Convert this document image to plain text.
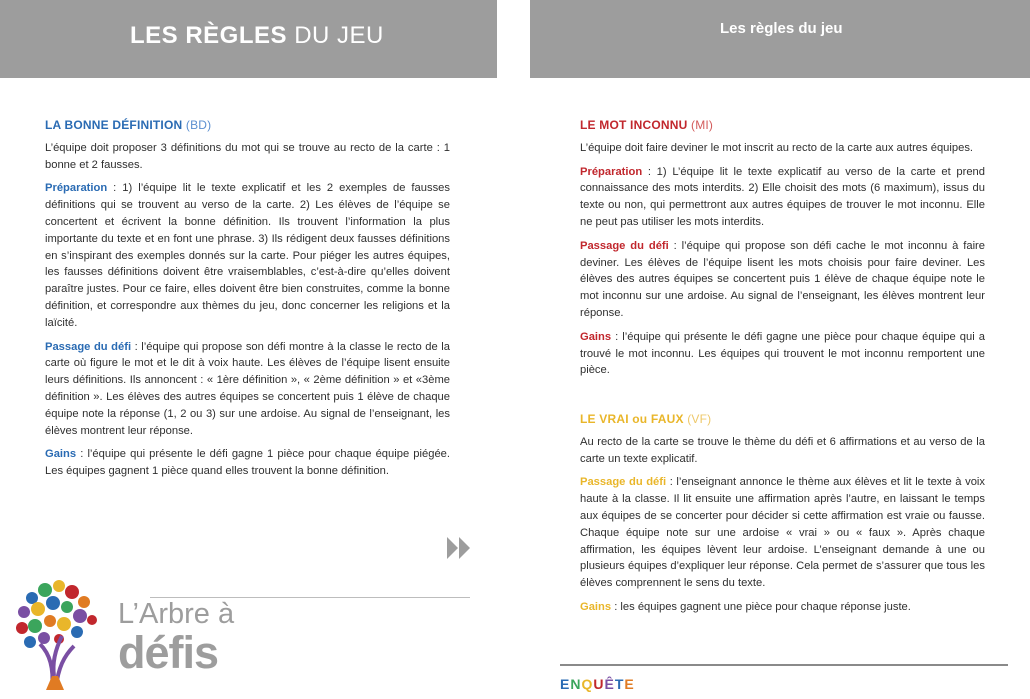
LES RÈGLES DU JEU
LA BONNE DÉFINITION (BD)

L’équipe doit proposer 3 définitions du mot qui se trouve au recto de la carte : 1 bonne et 2 fausses.

Préparation : 1) l’équipe lit le texte explicatif et les 2 exemples de fausses définitions qui se trouvent au verso de la carte. 2) Les élèves de l’équipe se concertent et écrivent la bonne définition. Ils trouvent l’information la plus importante du texte et en font une phrase. 3) Ils rédigent deux fausses définitions en s’inspirant des exemples donnés sur la carte. Pour piéger les autres équipes, les fausses définitions doivent être vraisemblables, c’est-à-dire qu’elles doivent paraître justes. Pour ce faire, elles doivent être bien construites, comme la bonne définition, et correspondre aux thèmes du jeu, donc concerner les religions et la laïcité.

Passage du défi : l’équipe qui propose son défi montre à la classe le recto de la carte où figure le mot et le dit à voix haute. Les élèves de l’équipe lisent ensuite leurs définitions. Ils annoncent : « 1ère définition », « 2ème définition » et «3ème définition ». Les élèves des autres équipes se concertent puis 1 élève de chaque équipe note la réponse (1, 2 ou 3) sur une ardoise. Au signal de l’enseignant, les élèves montrent leur réponse.

Gains : l’équipe qui présente le défi gagne 1 pièce pour chaque équipe piégée. Les équipes gagnent 1 pièce quand elles trouvent la bonne définition.

L’Arbre à
défis
Les règles du jeu
LE MOT INCONNU (MI)

L’équipe doit faire deviner le mot inscrit au recto de la carte aux autres équipes.

Préparation : 1) L’équipe lit le texte explicatif au verso de la carte et prend connaissance des mots interdits. 2) Elle choisit des mots (6 maximum), issus du texte ou non, qui permettront aux autres équipes de trouver le mot inconnu. Elle ne peut pas utiliser les mots interdits.

Passage du défi : l’équipe qui propose son défi cache le mot inconnu à faire deviner. Les élèves de l’équipe lisent les mots choisis pour faire deviner. Les élèves des autres équipes se concertent puis 1 élève de chaque équipe note le mot inconnu sur une ardoise. Au signal de l’enseignant, les élèves montrent leur réponse.

Gains : l’équipe qui présente le défi gagne une pièce pour chaque équipe qui a trouvé le mot inconnu. Les équipes qui trouvent le mot inconnu remportent une pièce.

LE VRAI ou FAUX (VF)

Au recto de la carte se trouve le thème du défi et 6 affirmations et au verso de la carte un texte explicatif.

Passage du défi : l’enseignant annonce le thème aux élèves et lit le texte à voix haute à la classe. Il lit ensuite une affirmation après l’autre, en laissant le temps aux équipes de se concerter pour décider si cette affirmation est vraie ou fausse. Chaque équipe note sur une ardoise « vrai » ou « faux ». Après chaque affirmation, les équipes lèvent leur ardoise. L’enseignant demande à une ou plusieurs équipes d’expliquer leur réponse. Cela permet de s’assurer que tous les élèves comprennent le sens du texte.

Gains : les équipes gagnent une pièce pour chaque réponse juste.

ENQUÊTE
